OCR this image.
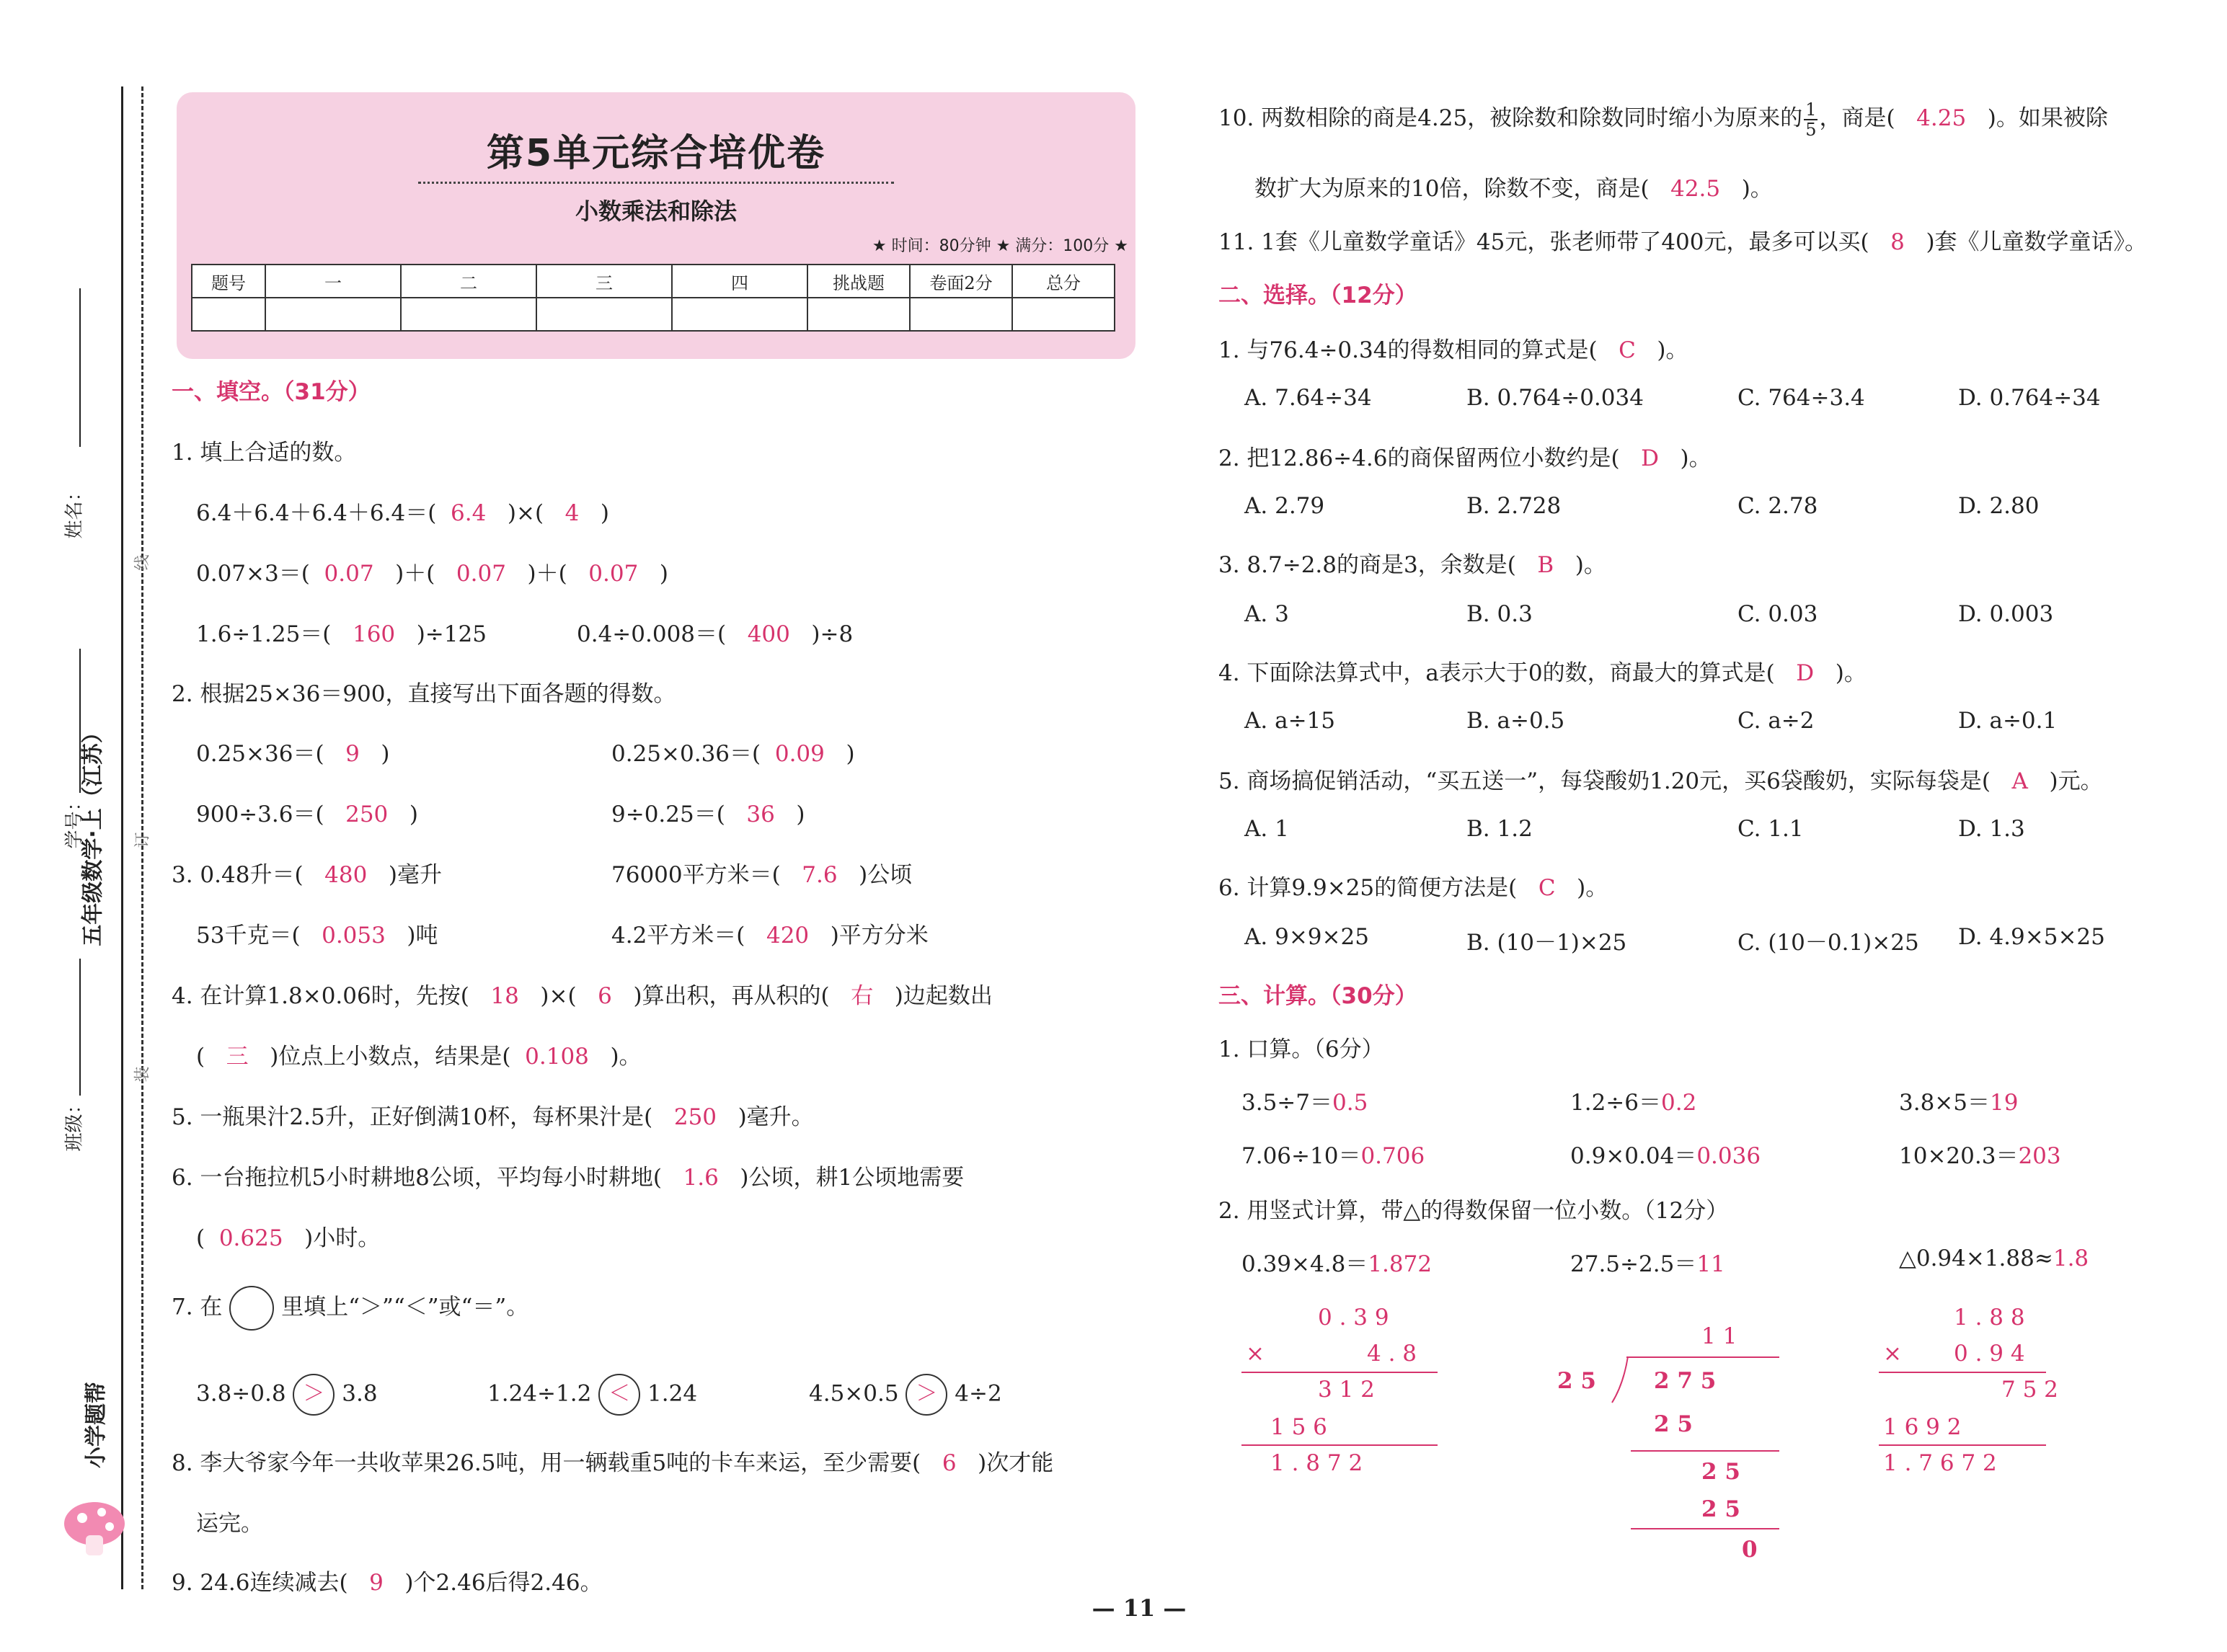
姓名：
学号：
班级：
五年级数学·上（江苏）
小学题帮
线
订
装
第5单元综合培优卷
小数乘法和除法
★ 时间：80分钟 ★ 满分：100分 ★
题号	一	二	三	四	挑战题	卷面2分	总分

一、填空。（31分）
1. 填上合适的数。
6.4＋6.4＋6.4＋6.4＝( 6.4 )×( 4 )
0.07×3＝( 0.07 )＋( 0.07 )＋( 0.07 )
1.6÷1.25＝( 160 )÷125	0.4÷0.008＝( 400 )÷8
2. 根据25×36＝900，直接写出下面各题的得数。
0.25×36＝( 9 )	0.25×0.36＝( 0.09 )
900÷3.6＝( 250 )	9÷0.25＝( 36 )
3. 0.48升＝( 480 )毫升	76000平方米＝( 7.6 )公顷
53千克＝( 0.053 )吨	4.2平方米＝( 420 )平方分米
4. 在计算1.8×0.06时，先按( 18 )×( 6 )算出积，再从积的( 右 )边起数出
( 三 )位点上小数点，结果是( 0.108 )。
5. 一瓶果汁2.5升，正好倒满10杯，每杯果汁是( 250 )毫升。
6. 一台拖拉机5小时耕地8公顷，平均每小时耕地( 1.6 )公顷，耕1公顷地需要
( 0.625 )小时。
7. 在	里填上“＞”“＜”或“＝”。
3.8÷0.8 ＞ 3.8	1.24÷1.2 ＜ 1.24	4.5×0.5 ＞ 4÷2
8. 李大爷家今年一共收苹果26.5吨，用一辆载重5吨的卡车来运，至少需要( 6 )次才能
运完。
9. 24.6连续减去( 9 )个2.46后得2.46。
10. 两数相除的商是4.25，被除数和除数同时缩小为原来的 $\frac{1}{5}$ ，商是( 4.25 )。如果被除
数扩大为原来的10倍，除数不变，商是( 42.5 )。
11. 1套《儿童数学童话》45元，张老师带了400元，最多可以买( 8 )套《儿童数学童话》。
二、选择。（12分）
1. 与76.4÷0.34的得数相同的算式是( C )。
A. 7.64÷34	B. 0.764÷0.034	C. 764÷3.4	D. 0.764÷34
2. 把12.86÷4.6的商保留两位小数约是( D )。
A. 2.79	B. 2.728	C. 2.78	D. 2.80
3. 8.7÷2.8的商是3，余数是( B )。
A. 3	B. 0.3	C. 0.03	D. 0.003
4. 下面除法算式中，a表示大于0的数，商最大的算式是( D )。
A. a÷15	B. a÷0.5	C. a÷2	D. a÷0.1
5. 商场搞促销活动，“买五送一”，每袋酸奶1.20元，买6袋酸奶，实际每袋是( A )元。
A. 1	B. 1.2	C. 1.1	D. 1.3
6. 计算9.9×25的简便方法是( C )。
A. 9×9×25	B. (10－1)×25	C. (10－0.1)×25 D. 4.9×5×25
三、计算。（30分）
1. 口算。（6分）
3.5÷7＝0.5	1.2÷6＝0.2	3.8×5＝19
7.06÷10＝0.706	0.9×0.04＝0.036	10×20.3＝203
2. 用竖式计算，带△的得数保留一位小数。（12分）
0.39×4.8＝1.872	27.5÷2.5＝11	△0.94×1.88≈1.8
0 . 3 9
×	4 . 8
3 1 2
1 5 6
1 . 8 7 2
1 1
2 5	2 7 5
2 5
2 5
2 5
0
1 . 8 8
× 0 . 9 4
7 5 2
1 6 9 2
1 . 7 6 7 2
— 11 —
